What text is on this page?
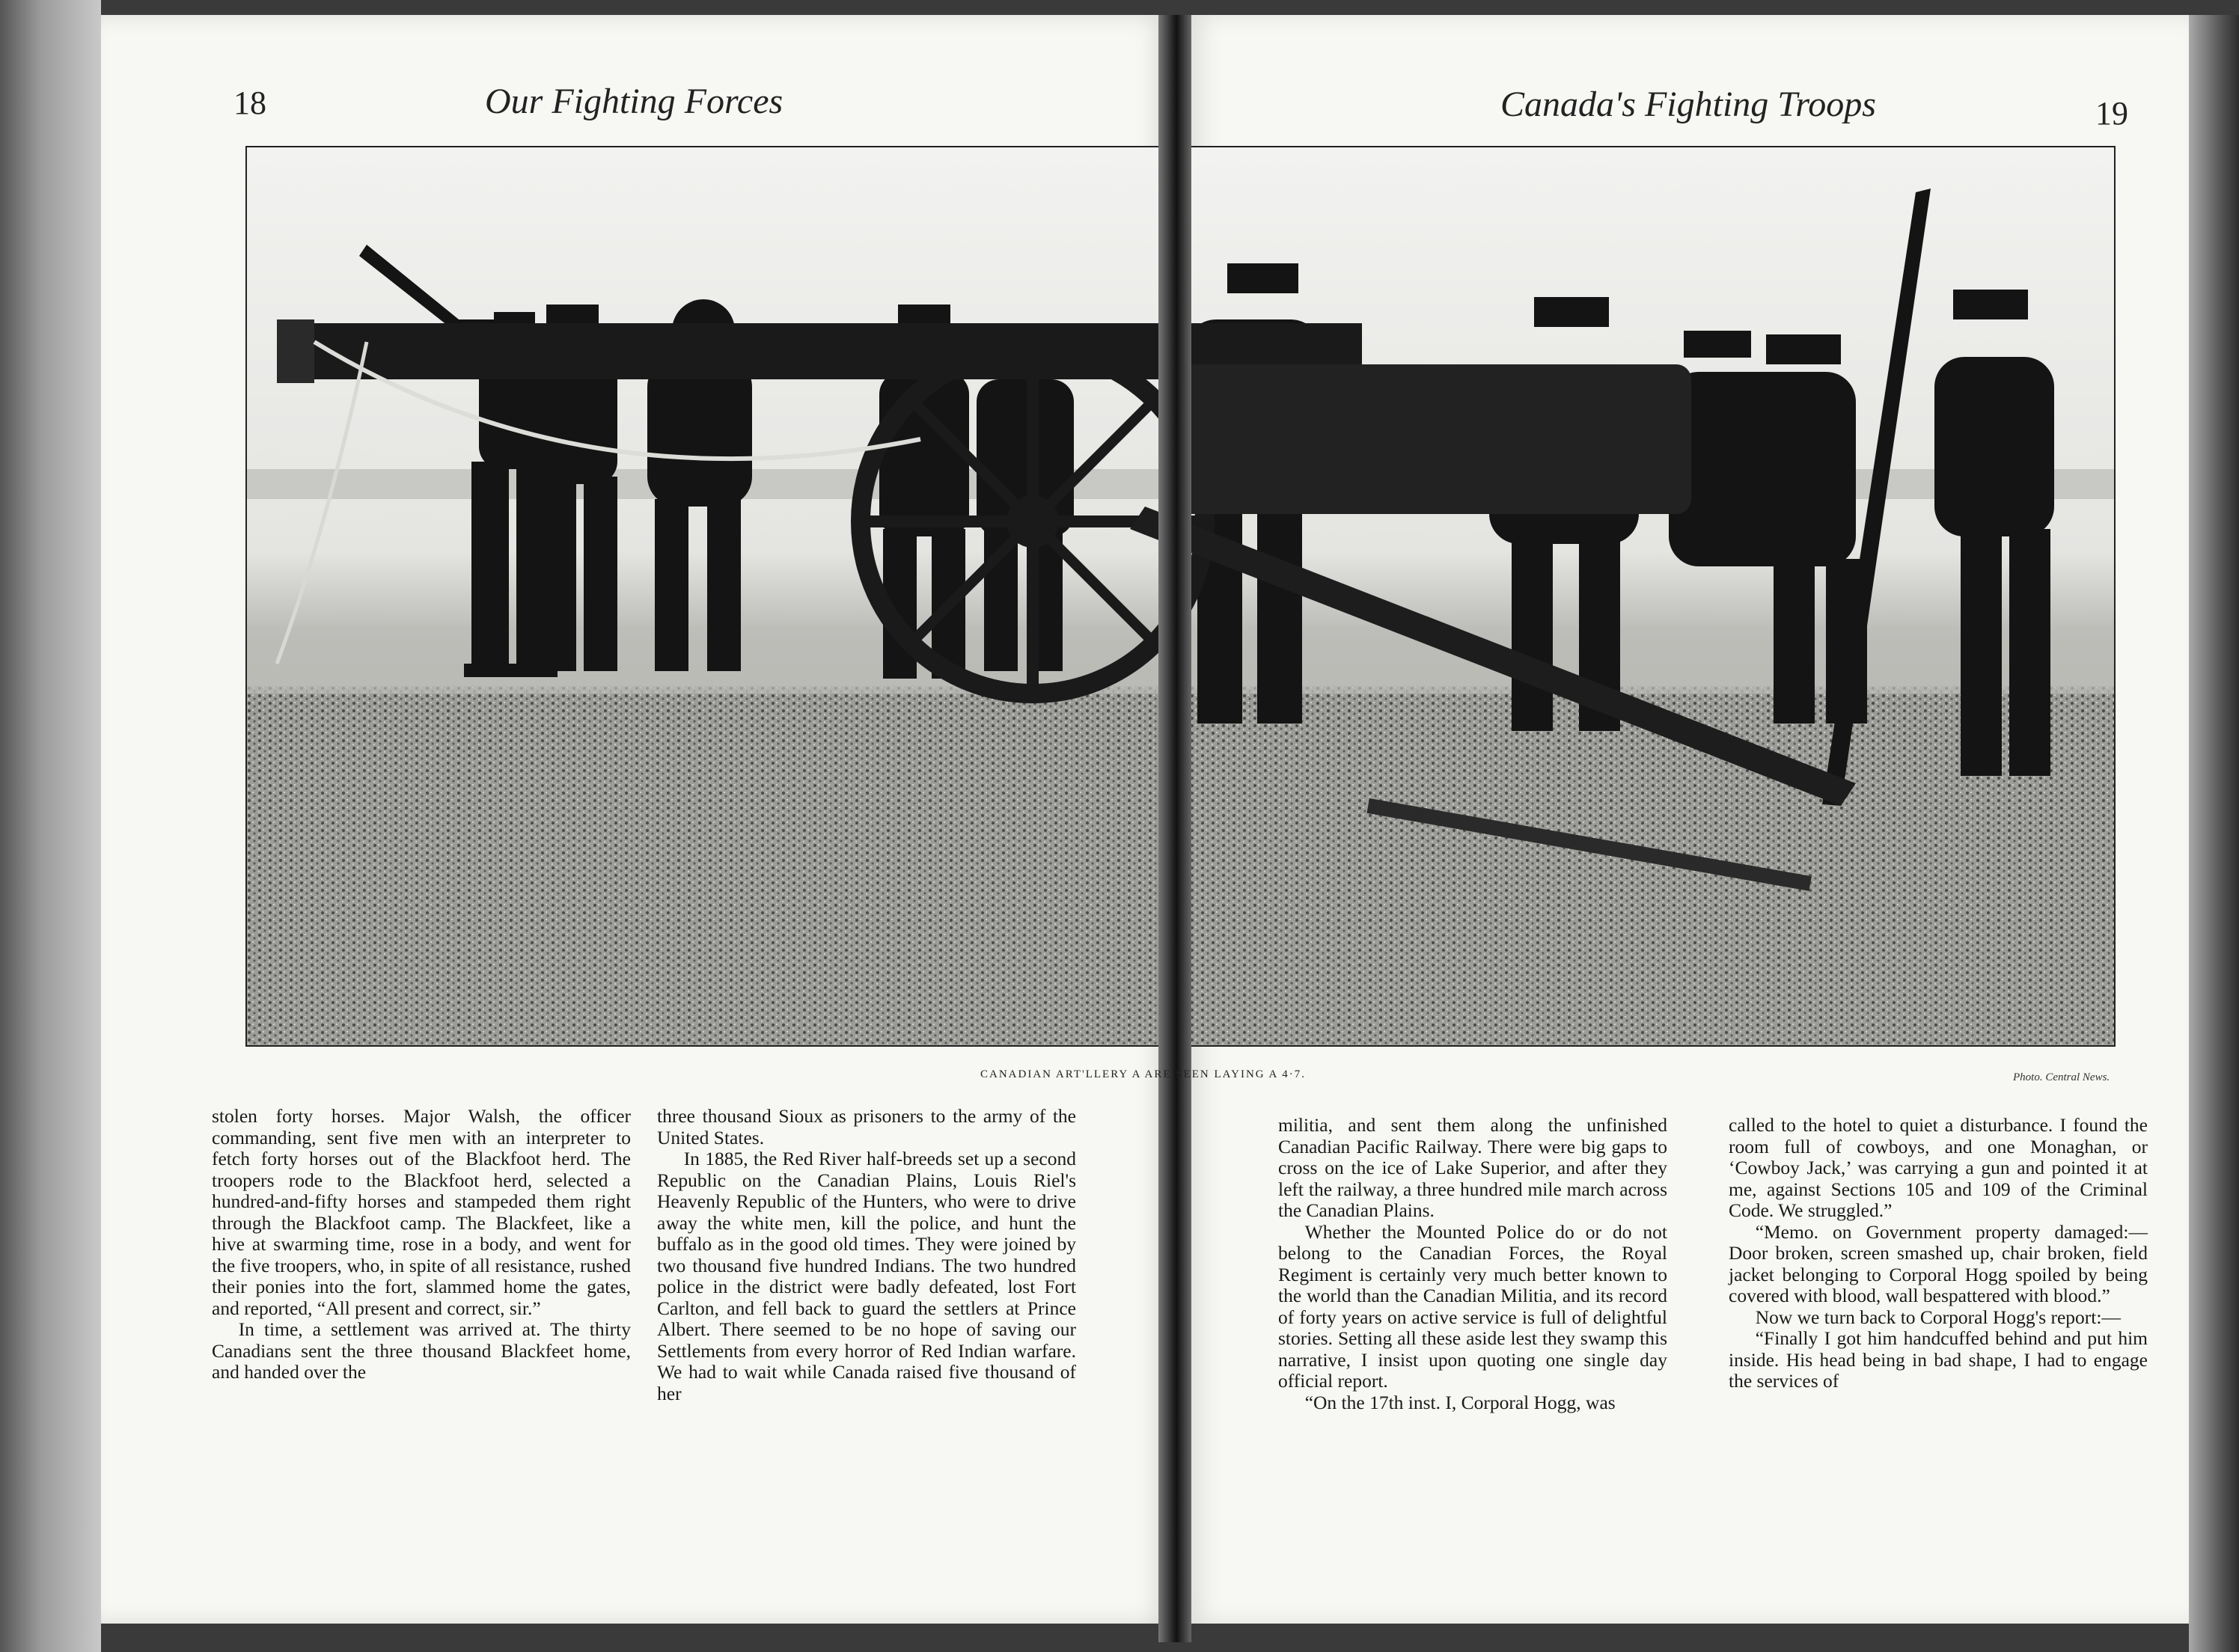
18	Our Fighting Forces	Canada's Fighting Troops	19
CANADIAN ART'LLERY A ARE SEEN LAYING A 4·7.	Photo. Central News.

stolen forty horses. Major Walsh, the officer commanding, sent five men with an interpreter to fetch forty horses out of the Blackfoot herd. The troopers rode to the Blackfoot herd, selected a hundred-and-fifty horses and stampeded them right through the Blackfoot camp. The Blackfeet, like a hive at swarming time, rose in a body, and went for the five troopers, who, in spite of all resistance, rushed their ponies into the fort, slammed home the gates, and reported, “All present and correct, sir.”

In time, a settlement was arrived at. The thirty Canadians sent the three thousand Blackfeet home, and handed over the

three thousand Sioux as prisoners to the army of the United States.

In 1885, the Red River half-breeds set up a second Republic on the Canadian Plains, Louis Riel's Heavenly Republic of the Hunters, who were to drive away the white men, kill the police, and hunt the buffalo as in the good old times. They were joined by two thousand five hundred Indians. The two hundred police in the district were badly defeated, lost Fort Carlton, and fell back to guard the settlers at Prince Albert. There seemed to be no hope of saving our Settlements from every horror of Red Indian warfare. We had to wait while Canada raised five thousand of her

militia, and sent them along the unfinished Canadian Pacific Railway. There were big gaps to cross on the ice of Lake Superior, and after they left the railway, a three hundred mile march across the Canadian Plains.

Whether the Mounted Police do or do not belong to the Canadian Forces, the Royal Regiment is certainly very much better known to the world than the Canadian Militia, and its record of forty years on active service is full of delightful stories. Setting all these aside lest they swamp this narrative, I insist upon quoting one single day official report.

“On the 17th inst. I, Corporal Hogg, was

called to the hotel to quiet a disturbance. I found the room full of cowboys, and one Monaghan, or ‘Cowboy Jack,’ was carrying a gun and pointed it at me, against Sections 105 and 109 of the Criminal Code. We struggled.”

“Memo. on Government property damaged:—Door broken, screen smashed up, chair broken, field jacket belonging to Corporal Hogg spoiled by being covered with blood, wall bespattered with blood.”

Now we turn back to Corporal Hogg's report:—

“Finally I got him handcuffed behind and put him inside. His head being in bad shape, I had to engage the services of
